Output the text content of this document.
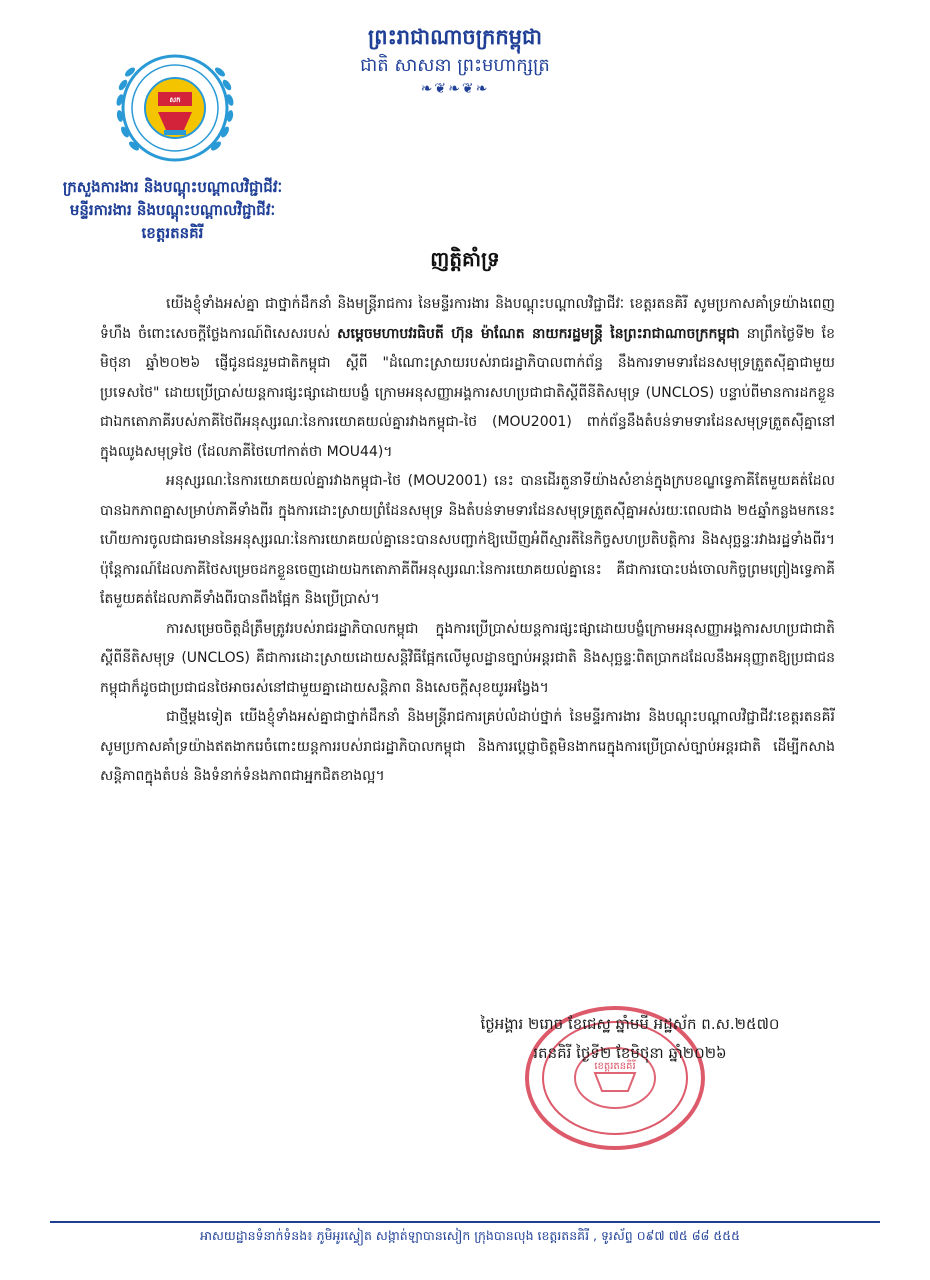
ព្រះរាជាណាចក្រកម្ពុជា
ជាតិ សាសនា ព្រះមហាក្សត្រ
❧❦❧❦❧
សក
ក្រសួងការងារ និងបណ្តុះបណ្តាលវិជ្ជាជីវៈ
មន្ទីរការងារ និងបណ្តុះបណ្តាលវិជ្ជាជីវៈ
ខេត្តរតនគិរី
ញត្តិគាំទ្រ

យើងខ្ញុំទាំងអស់គ្នា ជាថ្នាក់ដឹកនាំ និងមន្ត្រីរាជការ នៃមន្ទីរការងារ និងបណ្តុះបណ្តាលវិជ្ជាជីវៈ ខេត្តរតនគិរី សូមប្រកាសគាំទ្រយ៉ាងពេញទំហឹង ចំពោះសេចក្តីថ្លែងការណ៍ពិសេសរបស់ សម្តេចមហាបវរធិបតី ហ៊ុន ម៉ាណែត នាយករដ្ឋមន្ត្រី នៃព្រះរាជាណាចក្រកម្ពុជា នាព្រឹកថ្ងៃទី២ ខែមិថុនា ឆ្នាំ២០២៦ ផ្ញើជូនជនរួមជាតិកម្ពុជា ស្តីពី "ដំណោះស្រាយរបស់រាជរដ្ឋាភិបាលពាក់ព័ន្ធ នឹងការទាមទារដែនសមុទ្រត្រួតស៊ីគ្នាជាមួយប្រទេសថៃ" ដោយប្រើប្រាស់យន្តការផ្សះផ្សាដោយបង្ខំ ក្រោមអនុសញ្ញាអង្គការសហប្រជាជាតិស្តីពីនីតិសមុទ្រ (UNCLOS) បន្ទាប់ពីមានការដកខ្លួនជាឯកតោភាគីរបស់ភាគីថៃពីអនុស្សរណៈនៃការយោគយល់គ្នារវាងកម្ពុជា-ថៃ (MOU2001) ពាក់ព័ន្ធនឹងតំបន់ទាមទារដែនសមុទ្រត្រួតស៊ីគ្នានៅក្នុងឈូងសមុទ្រថៃ (ដែលភាគីថៃហៅកាត់ថា MOU44)។

អនុស្សរណៈនៃការយោគយល់គ្នារវាងកម្ពុជា-ថៃ (MOU2001) នេះ បានដើរតួនាទីយ៉ាងសំខាន់ក្នុងក្របខណ្ឌទ្វេភាគីតែមួយគត់ដែលបានឯកភាពគ្នាសម្រាប់ភាគីទាំងពីរ ក្នុងការដោះស្រាយព្រំដែនសមុទ្រ និងតំបន់ទាមទារដែនសមុទ្រត្រួតស៊ីគ្នាអស់រយៈពេលជាង ២៥ឆ្នាំកន្លងមកនេះ ហើយការចូលជាធរមាននៃអនុស្សរណៈនៃការយោគយល់គ្នានេះបានសបញ្ជាក់ឱ្យឃើញអំពីស្មារតីនៃកិច្ចសហប្រតិបត្តិការ និងសុច្ឆន្ទៈរវាងរដ្ឋទាំងពីរ។ ប៉ុន្តែការណ៍ដែលភាគីថៃសម្រេចដកខ្លួនចេញដោយឯកតោភាគីពីអនុស្សរណៈនៃការយោគយល់គ្នានេះ គឺជាការបោះបង់ចោលកិច្ចព្រមព្រៀងទ្វេភាគីតែមួយគត់ដែលភាគីទាំងពីរបានពឹងផ្អែក និងប្រើប្រាស់។

ការសម្រេចចិត្តដ៏ត្រឹមត្រូវរបស់រាជរដ្ឋាភិបាលកម្ពុជា ក្នុងការប្រើប្រាស់យន្តការផ្សះផ្សាដោយបង្ខំក្រោមអនុសញ្ញាអង្គការសហប្រជាជាតិស្តីពីនីតិសមុទ្រ (UNCLOS) គឺជាការដោះស្រាយដោយសន្តិវិធីផ្អែកលើមូលដ្ឋានច្បាប់អន្តរជាតិ និងសុច្ឆន្ទៈពិតប្រាកដដែលនឹងអនុញ្ញាតឱ្យប្រជាជនកម្ពុជាក៏ដូចជាប្រជាជនថៃអាចរស់នៅជាមួយគ្នាដោយសន្តិភាព និងសេចក្តីសុខយូរអង្វែង។

ជាថ្មីម្តងទៀត យើងខ្ញុំទាំងអស់គ្នាជាថ្នាក់ដឹកនាំ និងមន្ត្រីរាជការគ្រប់លំដាប់ថ្នាក់ នៃមន្ទីរការងារ និងបណ្តុះបណ្តាលវិជ្ជាជីវៈខេត្តរតនគិរី សូមប្រកាសគាំទ្រយ៉ាងឥតងាករេចំពោះយន្តការរបស់រាជរដ្ឋាភិបាលកម្ពុជា និងការប្តេជ្ញាចិត្តមិនងាករេក្នុងការប្រើប្រាស់ច្បាប់អន្តរជាតិ ដើម្បីកសាងសន្តិភាពក្នុងតំបន់ និងទំនាក់ទំនងភាពជាអ្នកជិតខាងល្អ។

ខេត្តរតនគិរី
ថ្ងៃអង្គារ ២រោច ខែជេស្ឋ ឆ្នាំមមី អដ្ឋស័ក ព.ស.២៥៧០
រតនគិរី ថ្ងៃទី២ ខែមិថុនា ឆ្នាំ២០២៦
អាសយដ្ឋានទំនាក់ទំនង៖ ភូមិអូរស្វៀត សង្កាត់ឡាបានសៀក ក្រុងបានលុង ខេត្តរតនគិរី , ទូរស័ព្ទ ០៩៧ ៧៥ ៨៨ ៥៥៥
